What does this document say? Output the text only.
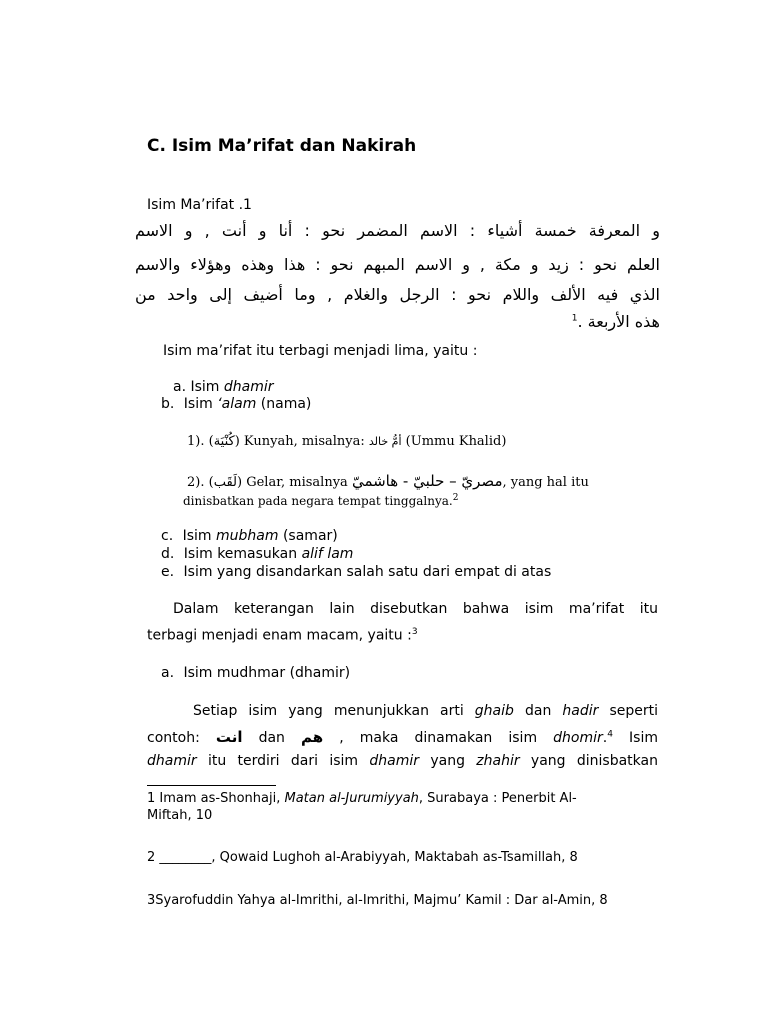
C. Isim Ma’rifat dan Nakirah
Isim Ma’rifat .1
و المعرفة خمسة أشياء : الاسم المضمر نحو : أنا و أنت , و الاسم
العلم نحو : زيد و مكة , و الاسم المبهم نحو : هذا وهذه وهؤلاء والاسم
الذي فيه الألف واللام نحو : الرجل والغلام , وما أضيف إلى واحد من
هذه الأربعة .$^1$
Isim ma’rifat itu terbagi menjadi lima, yaitu :
a. Isim dhamir
b. Isim ‘alam (nama)
1). (كُنْيَة) Kunyah, misalnya: أمُّ خالد (Ummu Khalid)
2). (لَقَب) Gelar, misalnya مصريّ – حلبيّ - هاشميّ, yang hal itu
dinisbatkan pada negara tempat tinggalnya.$^2$
c. Isim mubham (samar)
d. Isim kemasukan alif lam
e. Isim yang disandarkan salah satu dari empat di atas
Dalam keterangan lain disebutkan bahwa isim ma’rifat itu
terbagi menjadi enam macam, yaitu :$^3$
a. Isim mudhmar (dhamir)
Setiap isim yang menunjukkan arti ghaib dan hadir seperti
contoh: انت dan هم , maka dinamakan isim dhomir.$^4$ Isim
dhamir itu terdiri dari isim dhamir yang zhahir yang dinisbatkan
1 Imam as-Shonhaji, Matan al-Jurumiyyah, Surabaya : Penerbit Al-
Miftah, 10
2 ________, Qowaid Lughoh al-Arabiyyah, Maktabah as-Tsamillah, 8
3Syarofuddin Yahya al-Imrithi, al-Imrithi, Majmu’ Kamil : Dar al-Amin, 8
